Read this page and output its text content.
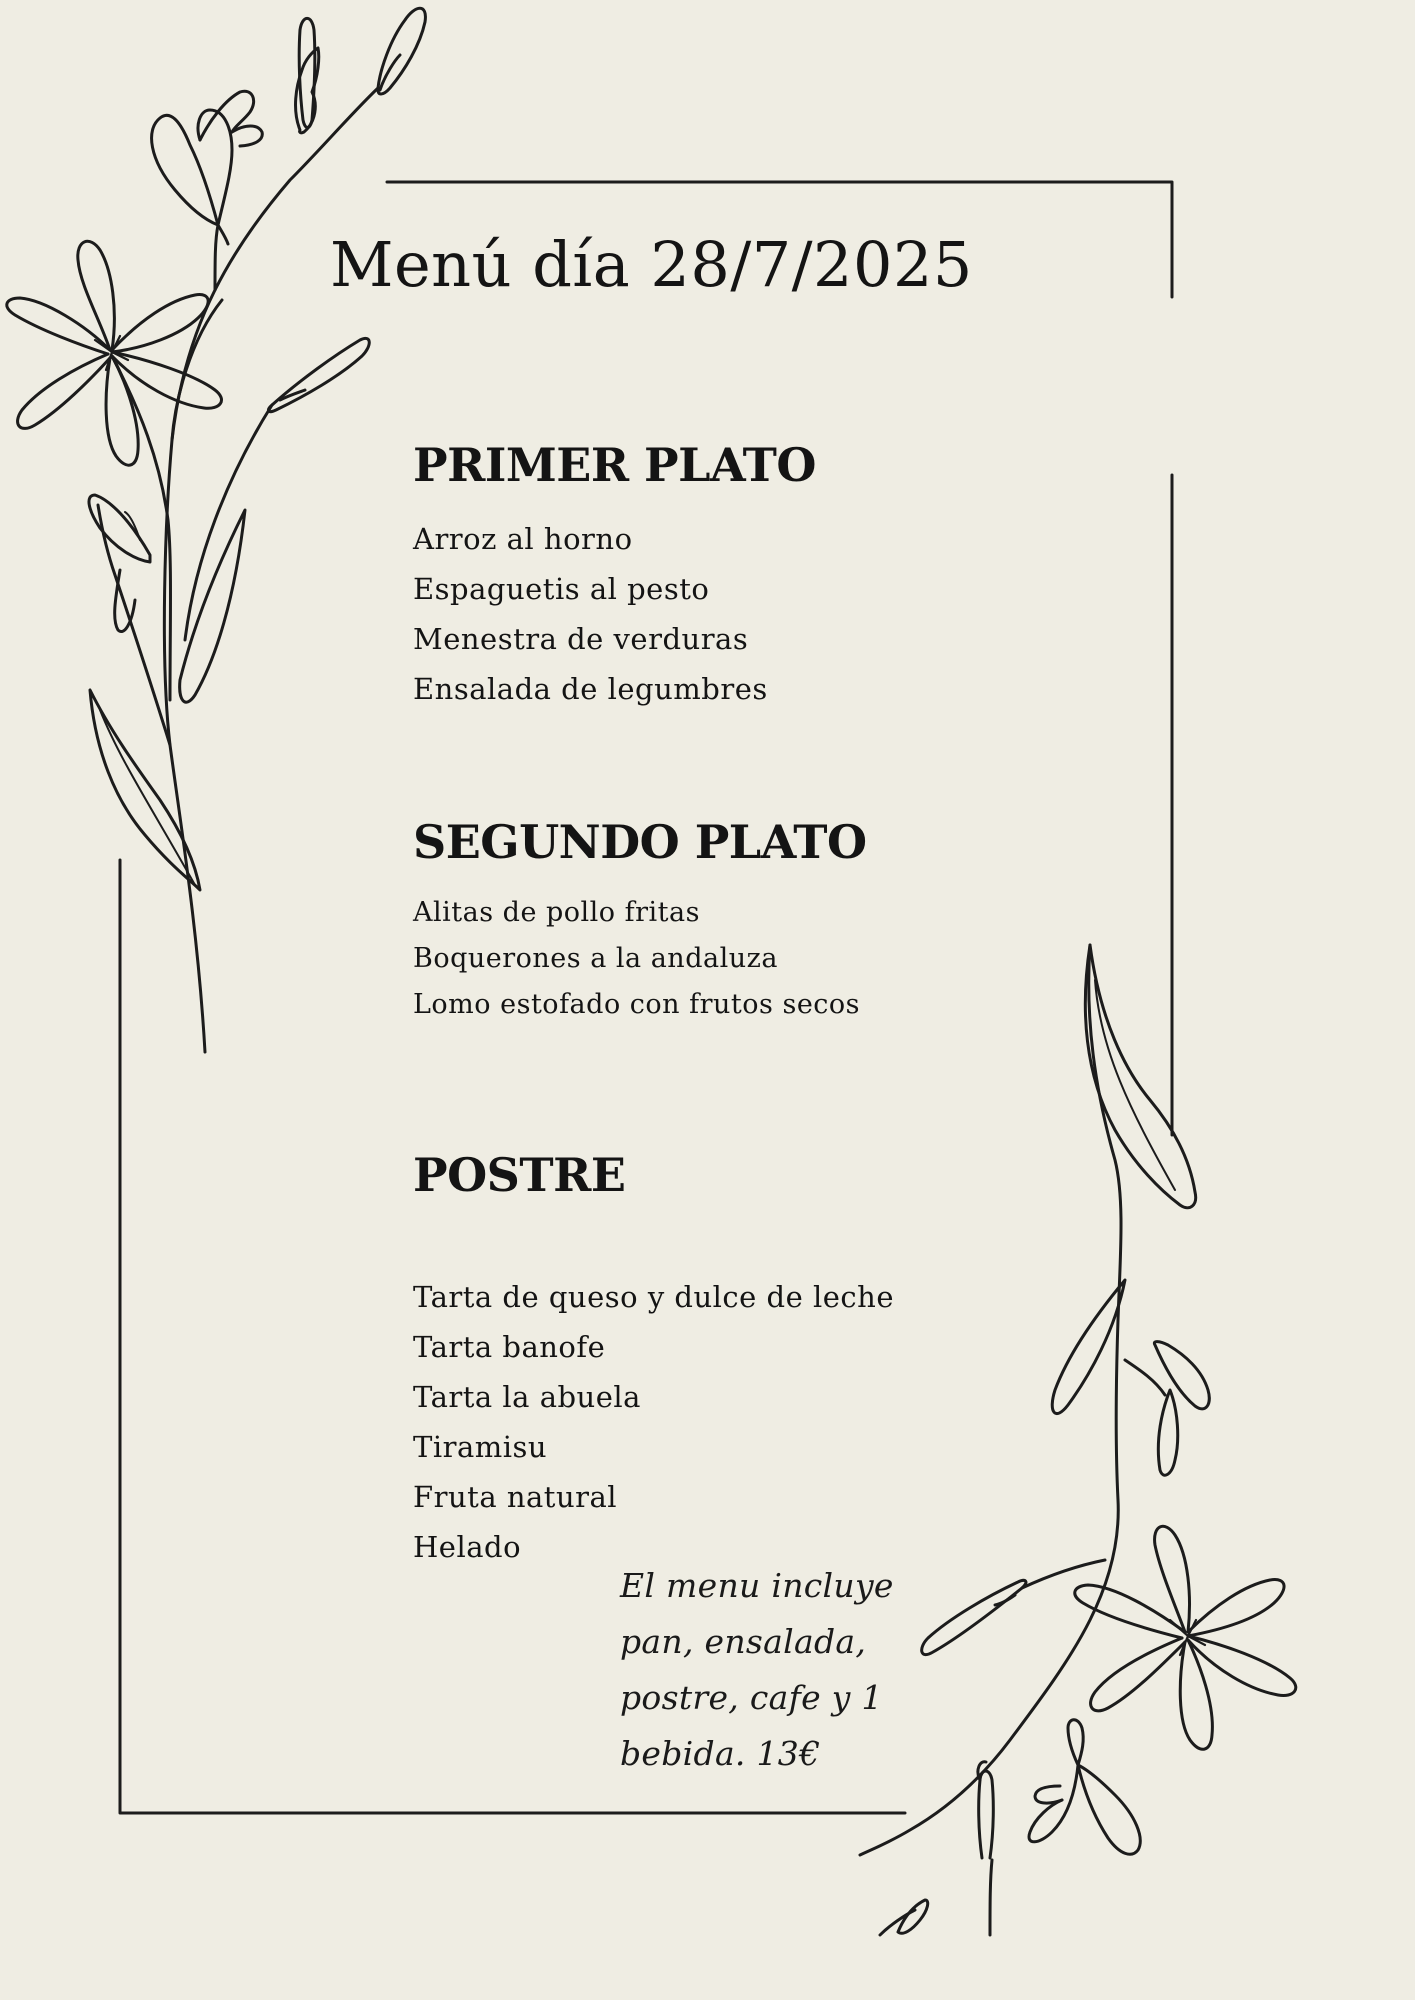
Menú día 28/7/2025
PRIMER PLATO
Arroz al horno
Espaguetis al pesto
Menestra de verduras
Ensalada de legumbres
SEGUNDO PLATO
Alitas de pollo fritas
Boquerones a la andaluza
Lomo estofado con frutos secos
POSTRE
Tarta de queso y dulce de leche
Tarta banofe
Tarta la abuela
Tiramisu
Fruta natural
Helado

El menu incluye pan, ensalada, postre, cafe y 1 bebida. 13€
